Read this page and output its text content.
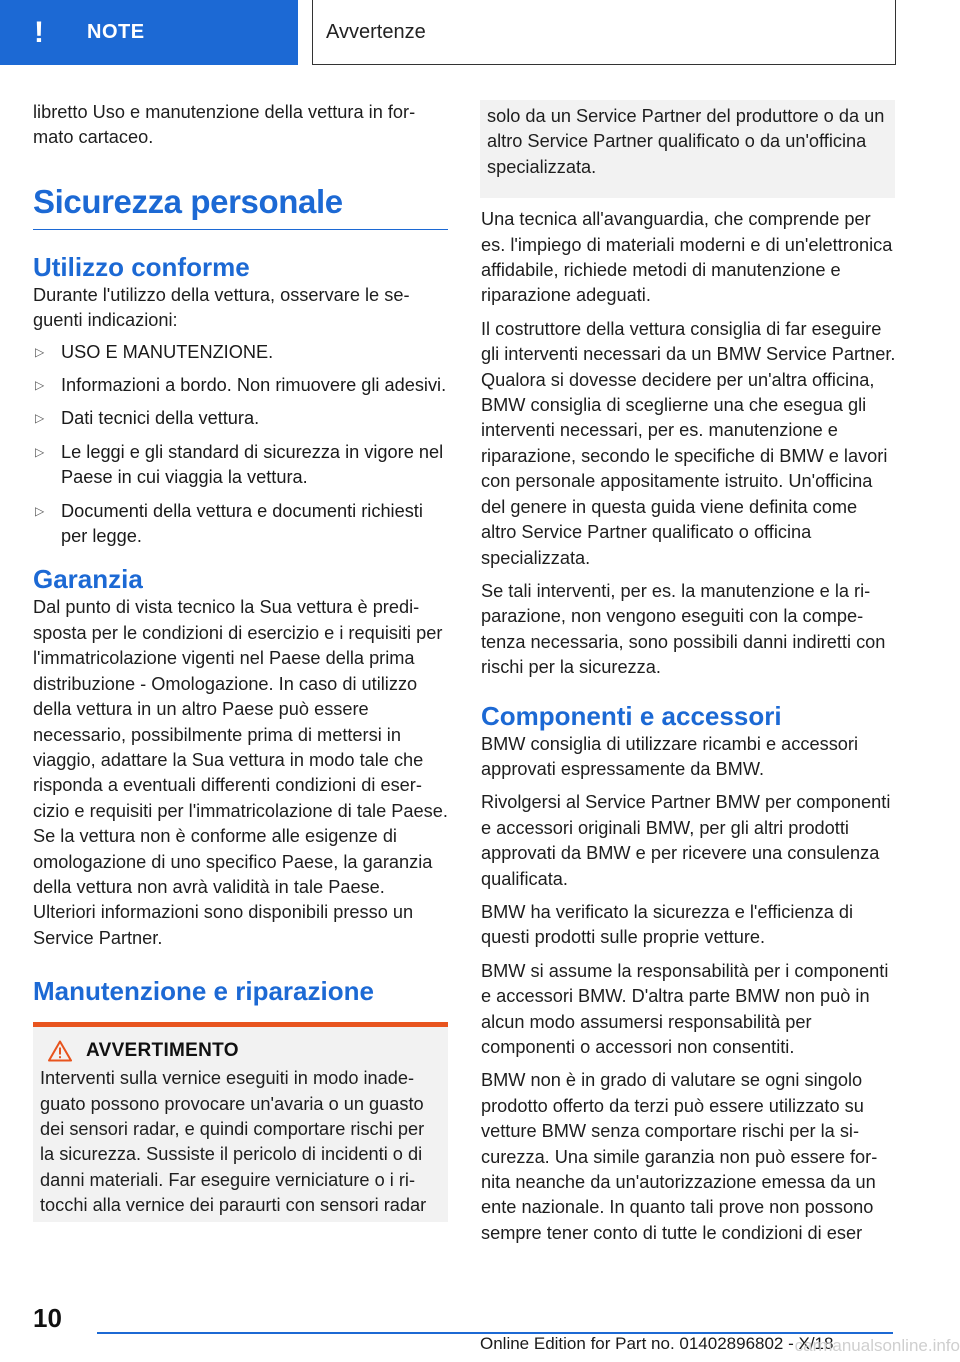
!	NOTE	Avvertenze

libretto Uso e manutenzione della vettura in formato cartaceo.

Sicurezza personale
Utilizzo conforme

Durante l'utilizzo della vettura, osservare le seguenti indicazioni:

▷ USO E MANUTENZIONE.
▷ Informazioni a bordo. Non rimuovere gli adesivi.
▷ Dati tecnici della vettura.
▷ Le leggi e gli standard di sicurezza in vigore nel Paese in cui viaggia la vettura.
▷ Documenti della vettura e documenti richiesti per legge.
Garanzia

Dal punto di vista tecnico la Sua vettura è predisposta per le condizioni di esercizio e i requisiti per l'immatricolazione vigenti nel Paese della prima distribuzione - Omologazione. In caso di utilizzo della vettura in un altro Paese può essere necessario, possibilmente prima di mettersi in viaggio, adattare la Sua vettura in modo tale che risponda a eventuali differenti condizioni di esercizio e requisiti per l'immatricolazione di tale Paese. Se la vettura non è conforme alle esigenze di omologazione di uno specifico Paese, la garanzia della vettura non avrà validità in tale Paese. Ulteriori informazioni sono disponibili presso un Service Partner.

Manutenzione e riparazione
AVVERTIMENTO

Interventi sulla vernice eseguiti in modo inadeguato possono provocare un'avaria o un guasto dei sensori radar, e quindi comportare rischi per la sicurezza. Sussiste il pericolo di incidenti o di danni materiali. Far eseguire verniciature o i ritocchi alla vernice dei paraurti con sensori radar

solo da un Service Partner del produttore o da un altro Service Partner qualificato o da un'officina specializzata.

Una tecnica all'avanguardia, che comprende per es. l'impiego di materiali moderni e di un'elettronica affidabile, richiede metodi di manutenzione e riparazione adeguati.

Il costruttore della vettura consiglia di far eseguire gli interventi necessari da un BMW Service Partner. Qualora si dovesse decidere per un'altra officina, BMW consiglia di sceglierne una che esegua gli interventi necessari, per es. manutenzione e riparazione, secondo le specifiche di BMW e lavori con personale appositamente istruito. Un'officina del genere in questa guida viene definita come altro Service Partner qualificato o officina specializzata.

Se tali interventi, per es. la manutenzione e la riparazione, non vengono eseguiti con la competenza necessaria, sono possibili danni indiretti con rischi per la sicurezza.

Componenti e accessori

BMW consiglia di utilizzare ricambi e accessori approvati espressamente da BMW.

Rivolgersi al Service Partner BMW per componenti e accessori originali BMW, per gli altri prodotti approvati da BMW e per ricevere una consulenza qualificata.

BMW ha verificato la sicurezza e l'efficienza di questi prodotti sulle proprie vetture.

BMW si assume la responsabilità per i componenti e accessori BMW. D'altra parte BMW non può in alcun modo assumersi responsabilità per componenti o accessori non consentiti.

BMW non è in grado di valutare se ogni singolo prodotto offerto da terzi può essere utilizzato su vetture BMW senza comportare rischi per la sicurezza. Una simile garanzia non può essere fornita neanche da un'autorizzazione emessa da un ente nazionale. In quanto tali prove non possono sempre tener conto di tutte le condizioni di eser

10
Online Edition for Part no. 01402896802 - X/18
carmanualsonline.info
